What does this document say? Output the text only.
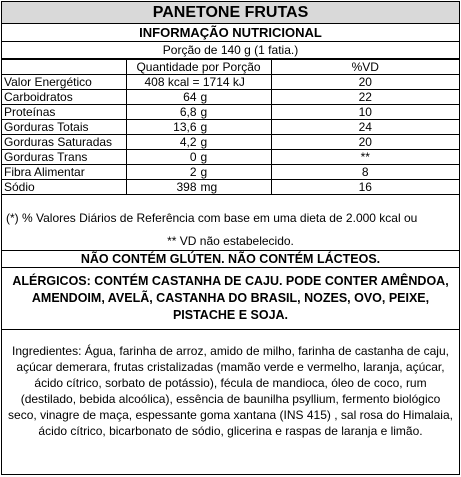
PANETONE FRUTAS
INFORMAÇÃO NUTRICIONAL
Porção de 140 g (1 fatia.)
	Quantidade por Porção	%VD
Valor Energético	408 kcal = 1714 kJ	20
Carboidratos	64 g	22
Proteínas	6,8 g	10
Gorduras Totais	13,6 g	24
Gorduras Saturadas	4,2 g	20
Gorduras Trans	0 g	**
Fibra Alimentar	2 g	8
Sódio	398 mg	16
(*) % Valores Diários de Referência com base em uma dieta de 2.000 kcal ou
** VD não estabelecido.
NÃO CONTÉM GLÚTEN. NÃO CONTÉM LÁCTEOS.
ALÉRGICOS: CONTÉM CASTANHA DE CAJU. PODE CONTER AMÊNDOA, AMENDOIM, AVELÃ, CASTANHA DO BRASIL, NOZES, OVO, PEIXE, PISTACHE E SOJA.
Ingredientes: Água, farinha de arroz, amido de milho, farinha de castanha de caju, açúcar demerara, frutas cristalizadas (mamão verde e vermelho, laranja, açúcar, ácido cítrico, sorbato de potássio), fécula de mandioca, óleo de coco, rum (destilado, bebida alcoólica), essência de baunilha psyllium, fermento biológico seco, vinagre de maça, espessante goma xantana (INS 415) , sal rosa do Himalaia, ácido cítrico, bicarbonato de sódio, glicerina e raspas de laranja e limão.
